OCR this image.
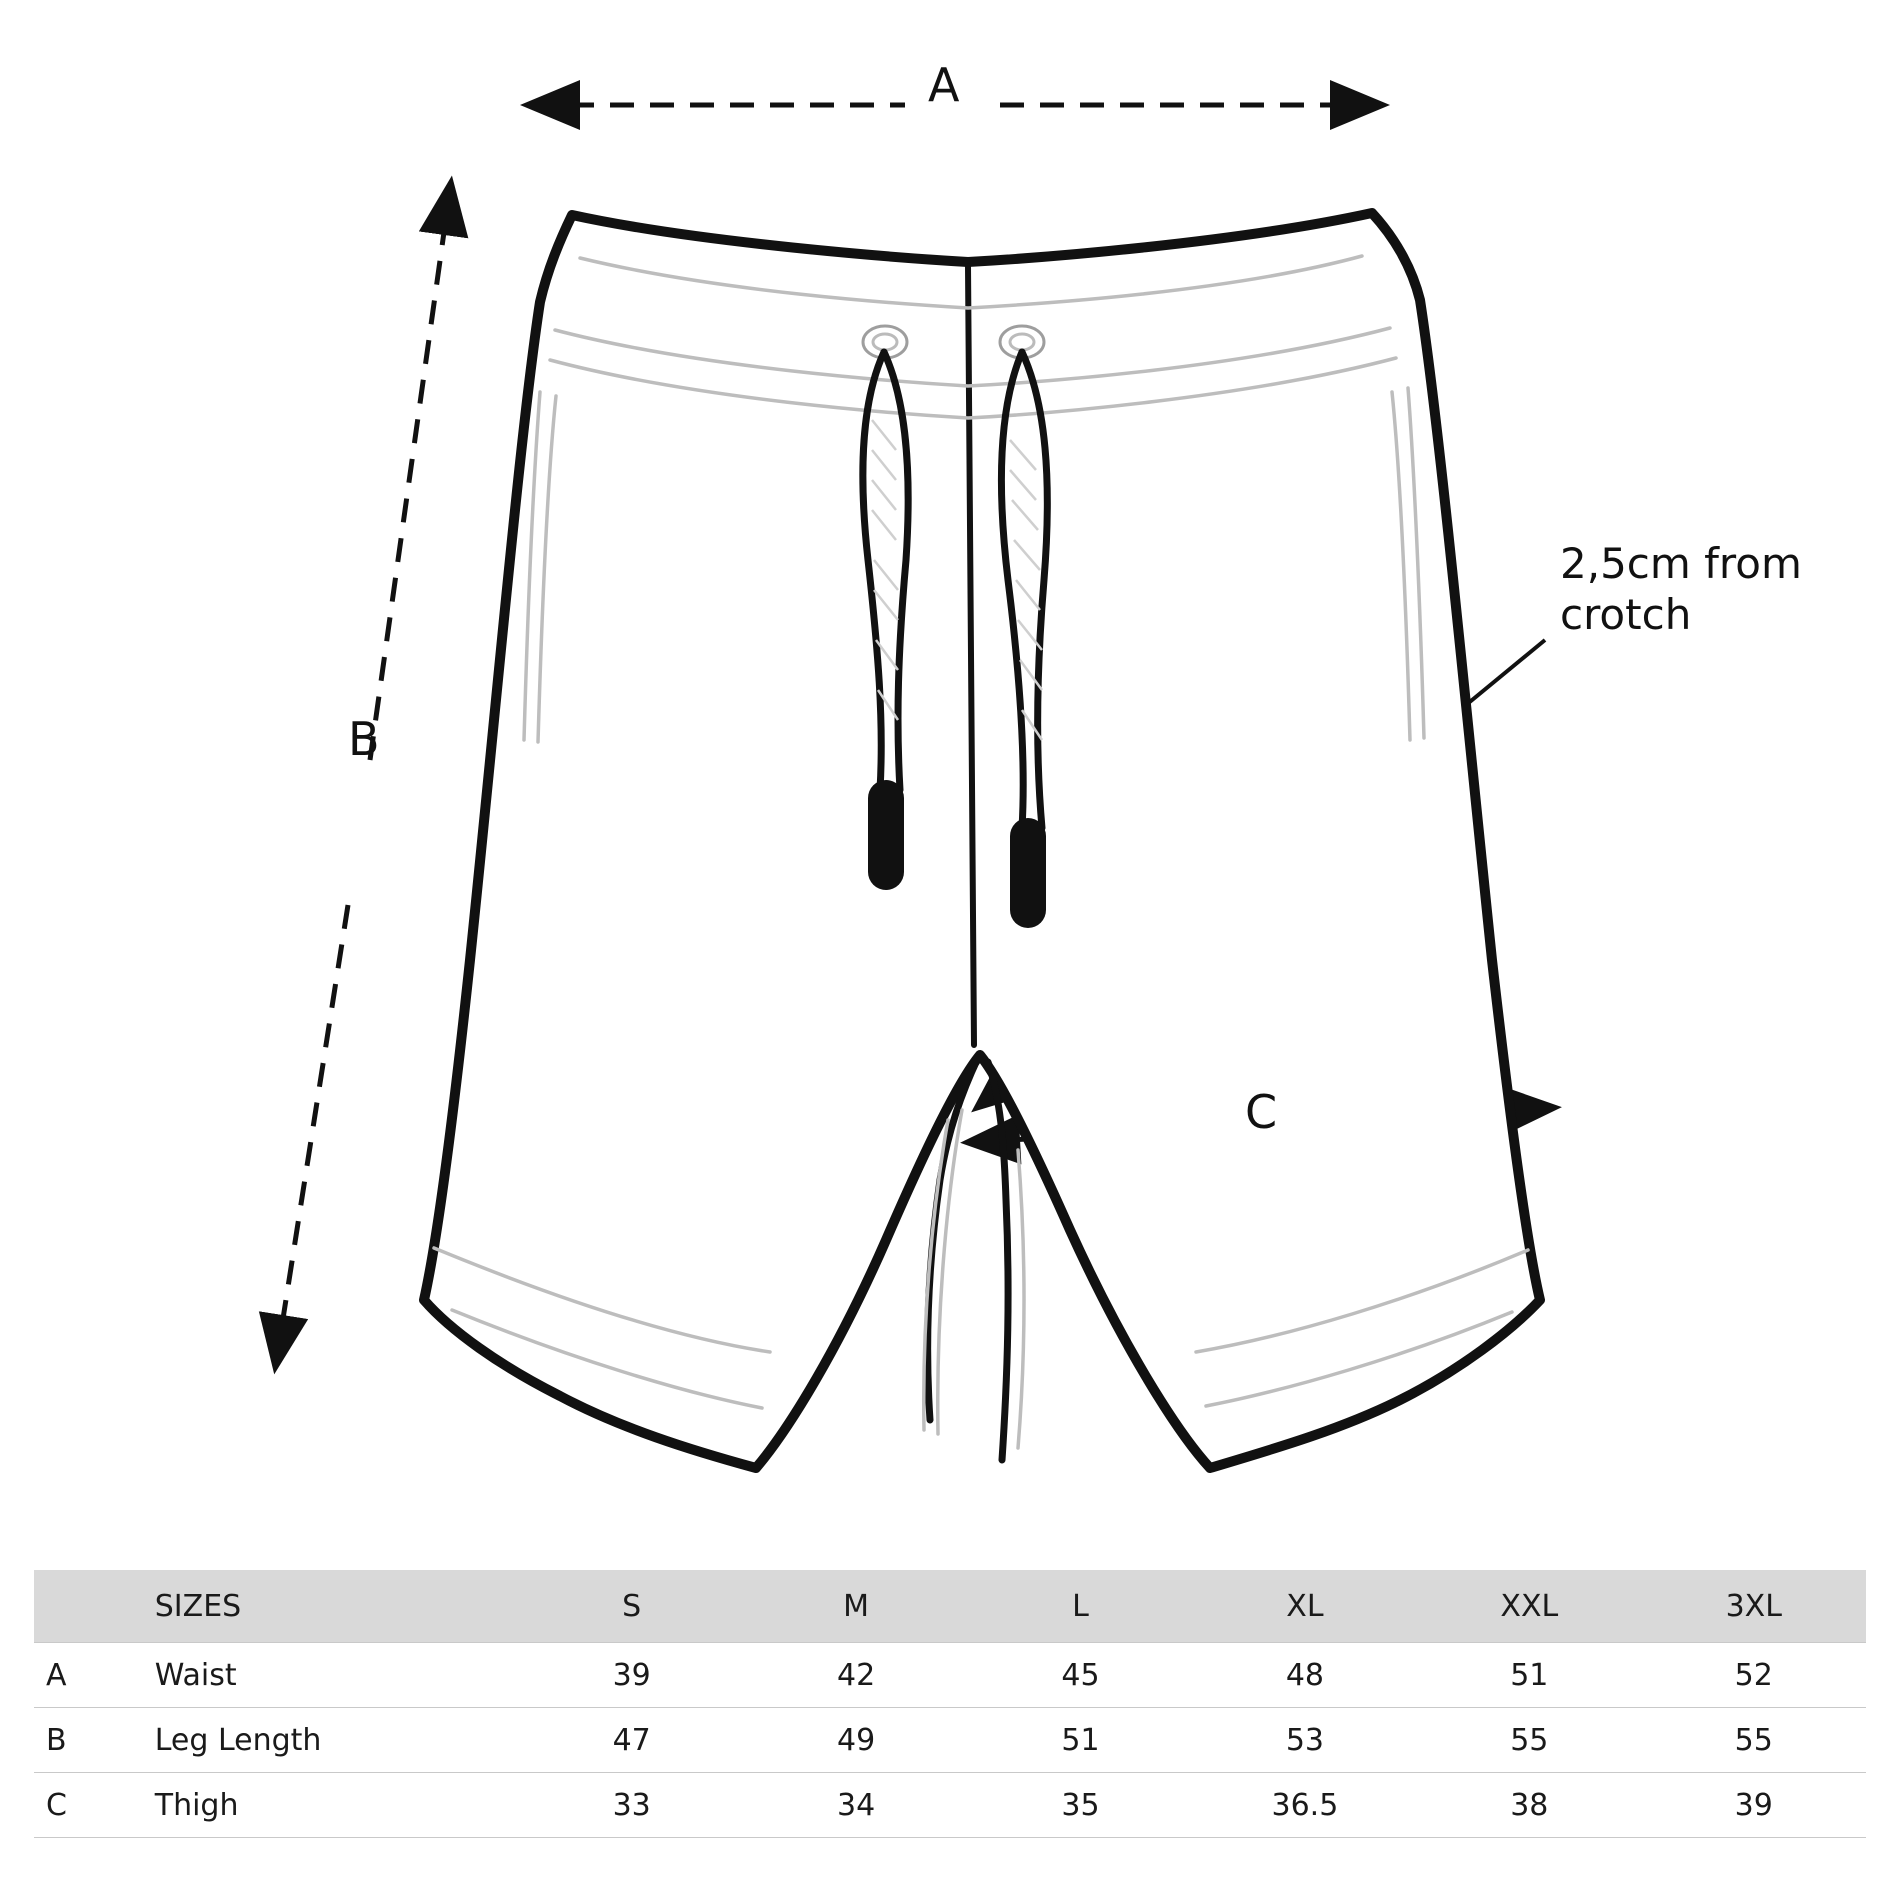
A
B
C
2,5cm from crotch
	SIZES	S	M	L	XL	XXL	3XL
A	Waist	39	42	45	48	51	52
B	Leg Length	47	49	51	53	55	55
C	Thigh	33	34	35	36.5	38	39
